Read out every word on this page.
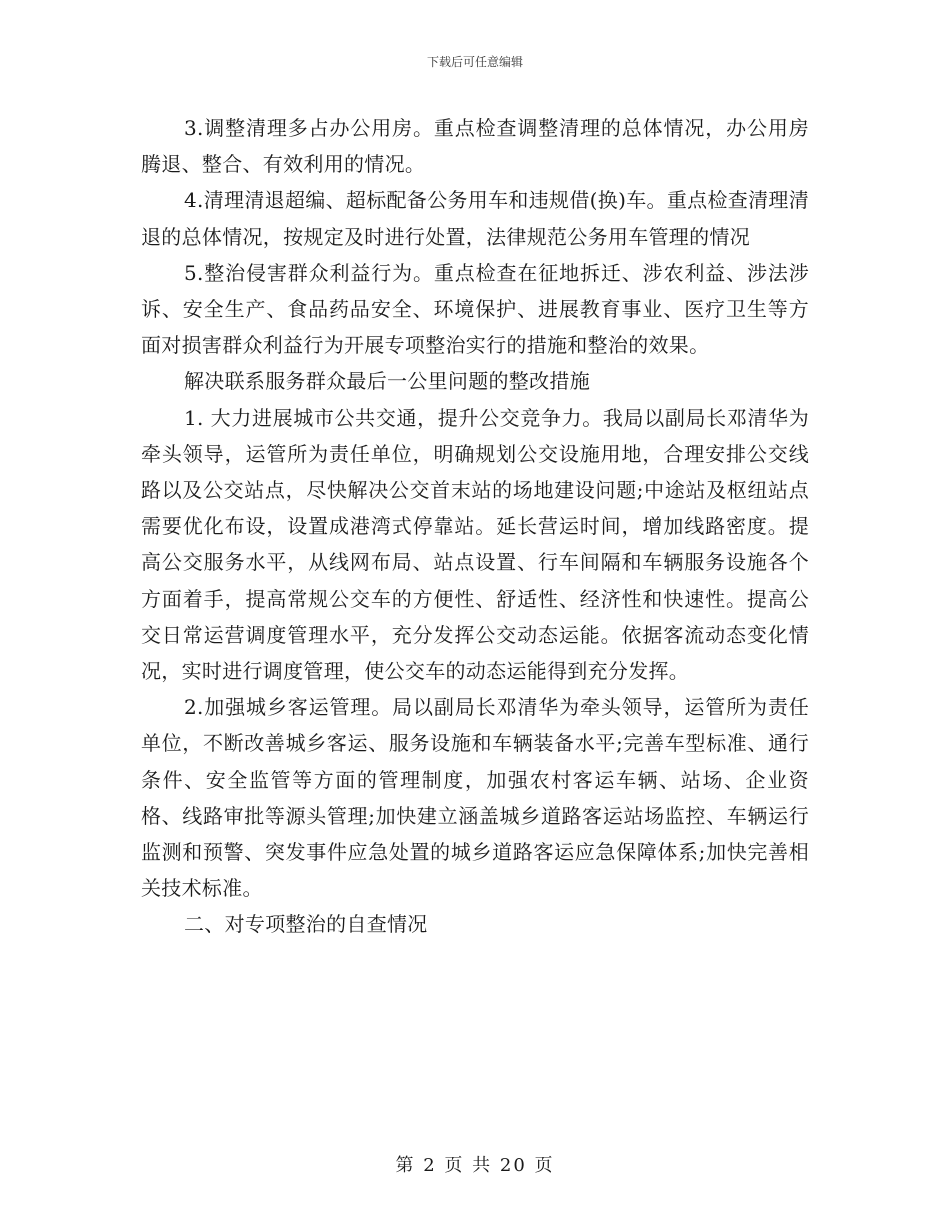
下载后可任意编辑

3.调整清理多占办公用房。重点检查调整清理的总体情况，办公用房腾退、整合、有效利用的情况。

4.清理清退超编、超标配备公务用车和违规借(换)车。重点检查清理清退的总体情况，按规定及时进行处置，法律规范公务用车管理的情况

5.整治侵害群众利益行为。重点检查在征地拆迁、涉农利益、涉法涉诉、安全生产、食品药品安全、环境保护、进展教育事业、医疗卫生等方面对损害群众利益行为开展专项整治实行的措施和整治的效果。

解决联系服务群众最后一公里问题的整改措施

1. 大力进展城市公共交通，提升公交竞争力。我局以副局长邓清华为牵头领导，运管所为责任单位，明确规划公交设施用地，合理安排公交线路以及公交站点，尽快解决公交首末站的场地建设问题;中途站及枢纽站点需要优化布设，设置成港湾式停靠站。延长营运时间，增加线路密度。提高公交服务水平，从线网布局、站点设置、行车间隔和车辆服务设施各个方面着手，提高常规公交车的方便性、舒适性、经济性和快速性。提高公交日常运营调度管理水平，充分发挥公交动态运能。依据客流动态变化情况，实时进行调度管理，使公交车的动态运能得到充分发挥。

2.加强城乡客运管理。局以副局长邓清华为牵头领导，运管所为责任单位，不断改善城乡客运、服务设施和车辆装备水平;完善车型标准、通行条件、安全监管等方面的管理制度，加强农村客运车辆、站场、企业资格、线路审批等源头管理;加快建立涵盖城乡道路客运站场监控、车辆运行监测和预警、突发事件应急处置的城乡道路客运应急保障体系;加快完善相关技术标准。

二、对专项整治的自查情况

第 2 页 共 20 页
